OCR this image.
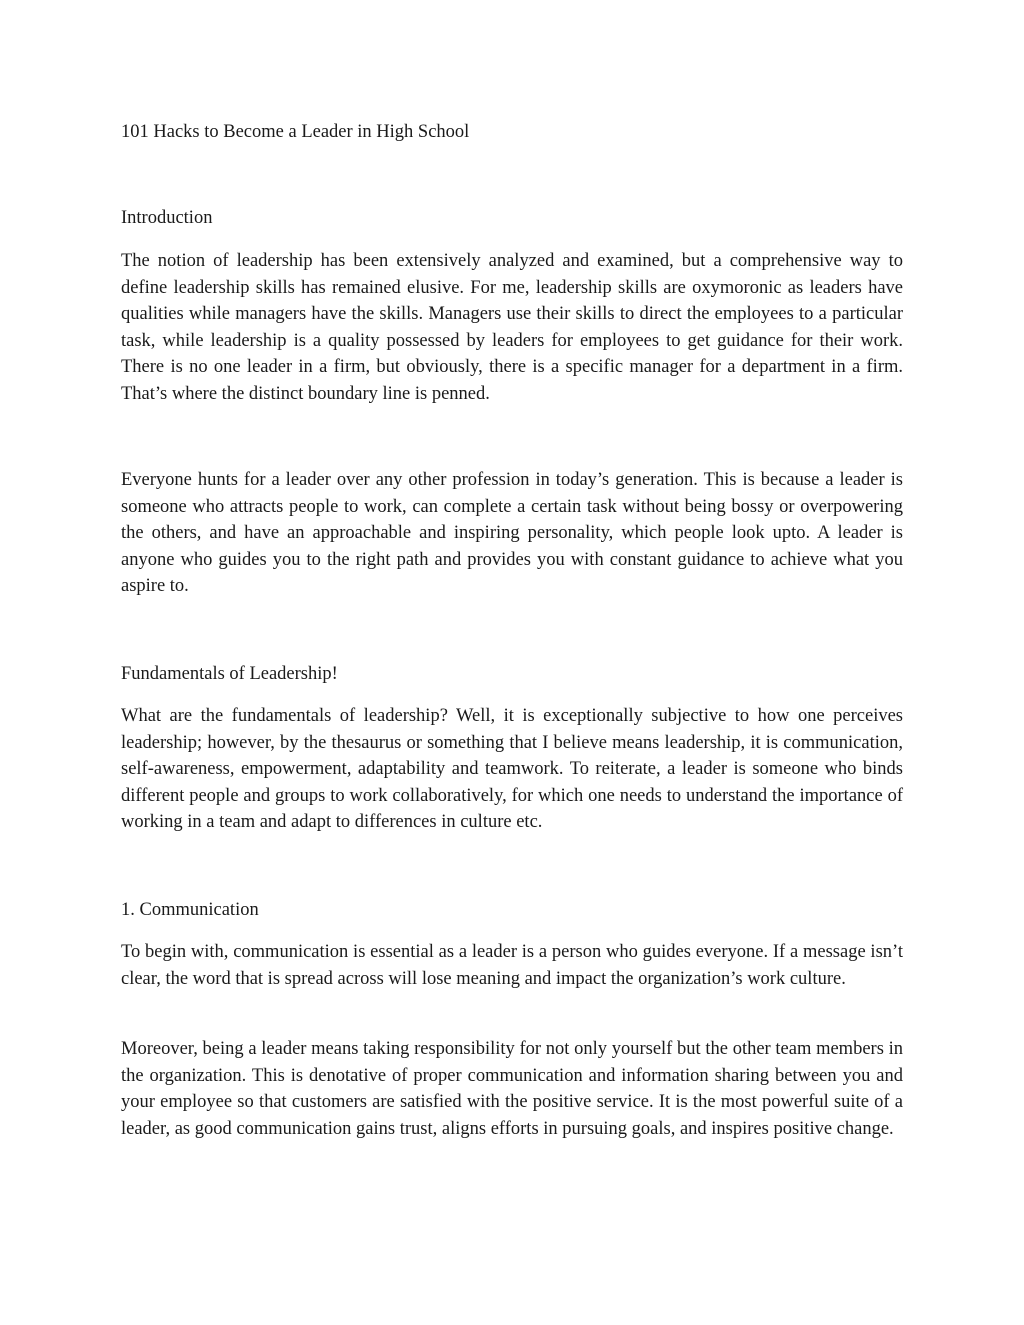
101 Hacks to Become a Leader in High School
Introduction

The notion of leadership has been extensively analyzed and examined, but a comprehensive way to define leadership skills has remained elusive. For me, leadership skills are oxymoronic as leaders have qualities while managers have the skills. Managers use their skills to direct the employees to a particular task, while leadership is a quality possessed by leaders for employees to get guidance for their work. There is no one leader in a firm, but obviously, there is a specific manager for a department in a firm. That’s where the distinct boundary line is penned.

Everyone hunts for a leader over any other profession in today’s generation. This is because a leader is someone who attracts people to work, can complete a certain task without being bossy or overpowering the others, and have an approachable and inspiring personality, which people look upto. A leader is anyone who guides you to the right path and provides you with constant guidance to achieve what you aspire to.

Fundamentals of Leadership!

What are the fundamentals of leadership? Well, it is exceptionally subjective to how one perceives leadership; however, by the thesaurus or something that I believe means leadership, it is communication, self-awareness, empowerment, adaptability and teamwork. To reiterate, a leader is someone who binds different people and groups to work collaboratively, for which one needs to understand the importance of working in a team and adapt to differences in culture etc.

1. Communication

To begin with, communication is essential as a leader is a person who guides everyone. If a message isn’t clear, the word that is spread across will lose meaning and impact the organization’s work culture.

Moreover, being a leader means taking responsibility for not only yourself but the other team members in the organization. This is denotative of proper communication and information sharing between you and your employee so that customers are satisfied with the positive service. It is the most powerful suite of a leader, as good communication gains trust, aligns efforts in pursuing goals, and inspires positive change.
